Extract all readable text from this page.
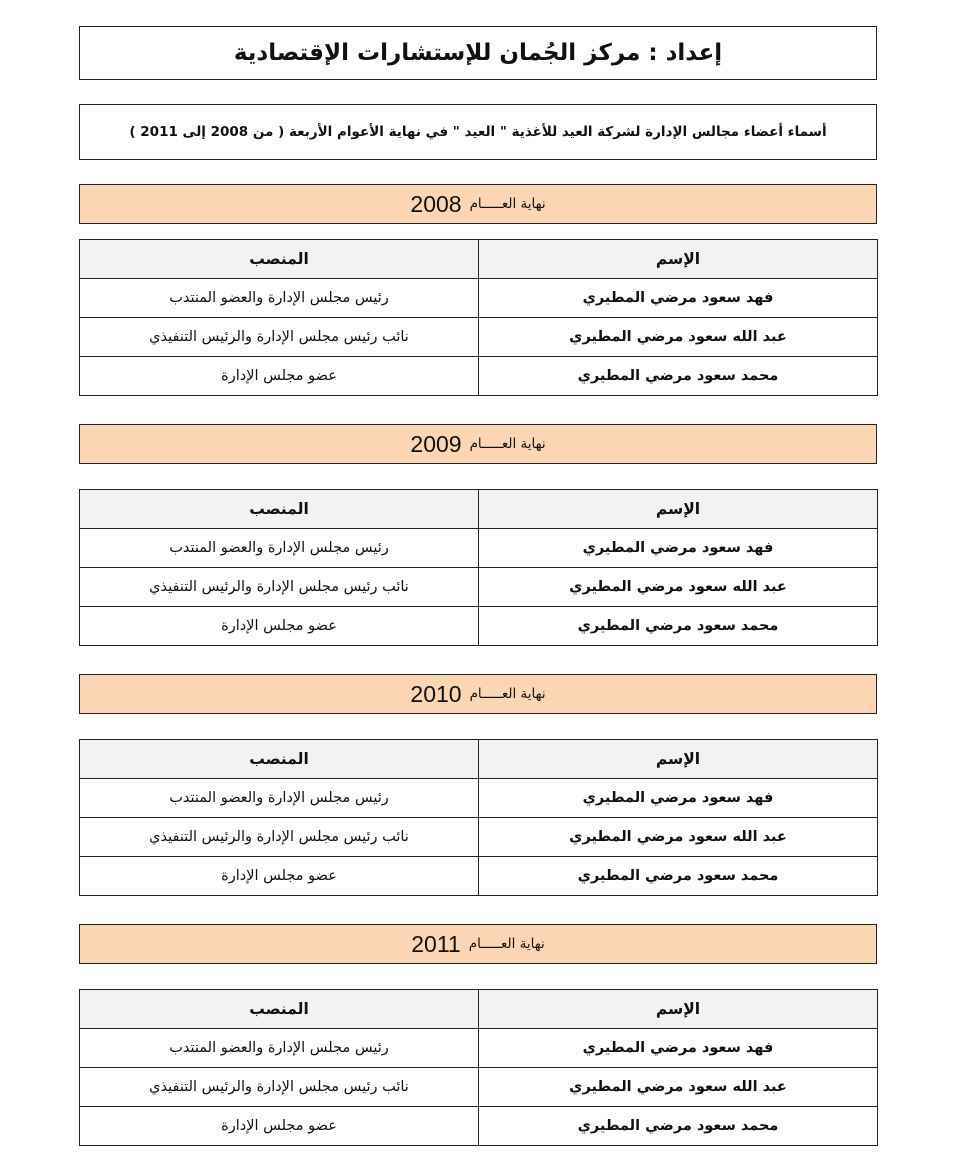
إعداد : مركز الجُمان للإستشارات الإقتصادية
أسماء أعضاء مجالس الإدارة لشركة العيد للأغذية " العيد " في نهاية الأعوام الأربعة ( من 2008 إلى 2011 )
نهاية العـــــام
2008
الإسم	المنصب
فهد سعود مرضي المطيري	رئيس مجلس الإدارة والعضو المنتدب
عبد الله سعود مرضي المطيري	نائب رئيس مجلس الإدارة والرئيس التنفيذي
محمد سعود مرضي المطيري	عضو مجلس الإدارة
نهاية العـــــام
2009
الإسم	المنصب
فهد سعود مرضي المطيري	رئيس مجلس الإدارة والعضو المنتدب
عبد الله سعود مرضي المطيري	نائب رئيس مجلس الإدارة والرئيس التنفيذي
محمد سعود مرضي المطيري	عضو مجلس الإدارة
نهاية العـــــام
2010
الإسم	المنصب
فهد سعود مرضي المطيري	رئيس مجلس الإدارة والعضو المنتدب
عبد الله سعود مرضي المطيري	نائب رئيس مجلس الإدارة والرئيس التنفيذي
محمد سعود مرضي المطيري	عضو مجلس الإدارة
نهاية العـــــام
2011
الإسم	المنصب
فهد سعود مرضي المطيري	رئيس مجلس الإدارة والعضو المنتدب
عبد الله سعود مرضي المطيري	نائب رئيس مجلس الإدارة والرئيس التنفيذي
محمد سعود مرضي المطيري	عضو مجلس الإدارة
